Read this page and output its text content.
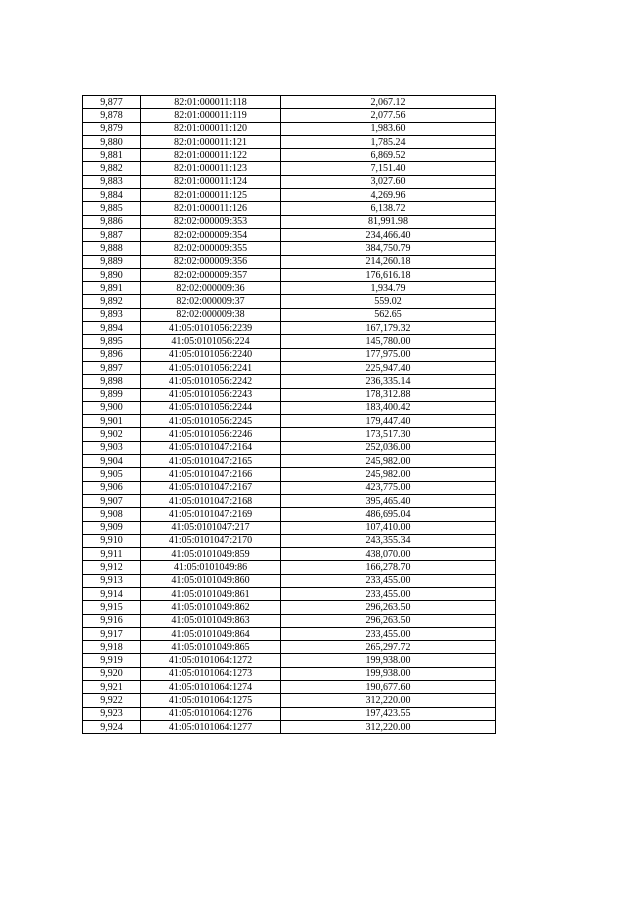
9,877	82:01:000011:118	2,067.12
9,878	82:01:000011:119	2,077.56
9,879	82:01:000011:120	1,983.60
9,880	82:01:000011:121	1,785.24
9,881	82:01:000011:122	6,869.52
9,882	82:01:000011:123	7,151.40
9,883	82:01:000011:124	3,027.60
9,884	82:01:000011:125	4,269.96
9,885	82:01:000011:126	6,138.72
9,886	82:02:000009:353	81,991.98
9,887	82:02:000009:354	234,466.40
9,888	82:02:000009:355	384,750.79
9,889	82:02:000009:356	214,260.18
9,890	82:02:000009:357	176,616.18
9,891	82:02:000009:36	1,934.79
9,892	82:02:000009:37	559.02
9,893	82:02:000009:38	562.65
9,894	41:05:0101056:2239	167,179.32
9,895	41:05:0101056:224	145,780.00
9,896	41:05:0101056:2240	177,975.00
9,897	41:05:0101056:2241	225,947.40
9,898	41:05:0101056:2242	236,335.14
9,899	41:05:0101056:2243	178,312.88
9,900	41:05:0101056:2244	183,400.42
9,901	41:05:0101056:2245	179,447.40
9,902	41:05:0101056:2246	173,517.30
9,903	41:05:0101047:2164	252,036.00
9,904	41:05:0101047:2165	245,982.00
9,905	41:05:0101047:2166	245,982.00
9,906	41:05:0101047:2167	423,775.00
9,907	41:05:0101047:2168	395,465.40
9,908	41:05:0101047:2169	486,695.04
9,909	41:05:0101047:217	107,410.00
9,910	41:05:0101047:2170	243,355.34
9,911	41:05:0101049:859	438,070.00
9,912	41:05:0101049:86	166,278.70
9,913	41:05:0101049:860	233,455.00
9,914	41:05:0101049:861	233,455.00
9,915	41:05:0101049:862	296,263.50
9,916	41:05:0101049:863	296,263.50
9,917	41:05:0101049:864	233,455.00
9,918	41:05:0101049:865	265,297.72
9,919	41:05:0101064:1272	199,938.00
9,920	41:05:0101064:1273	199,938.00
9,921	41:05:0101064:1274	190,677.60
9,922	41:05:0101064:1275	312,220.00
9,923	41:05:0101064:1276	197,423.55
9,924	41:05:0101064:1277	312,220.00
